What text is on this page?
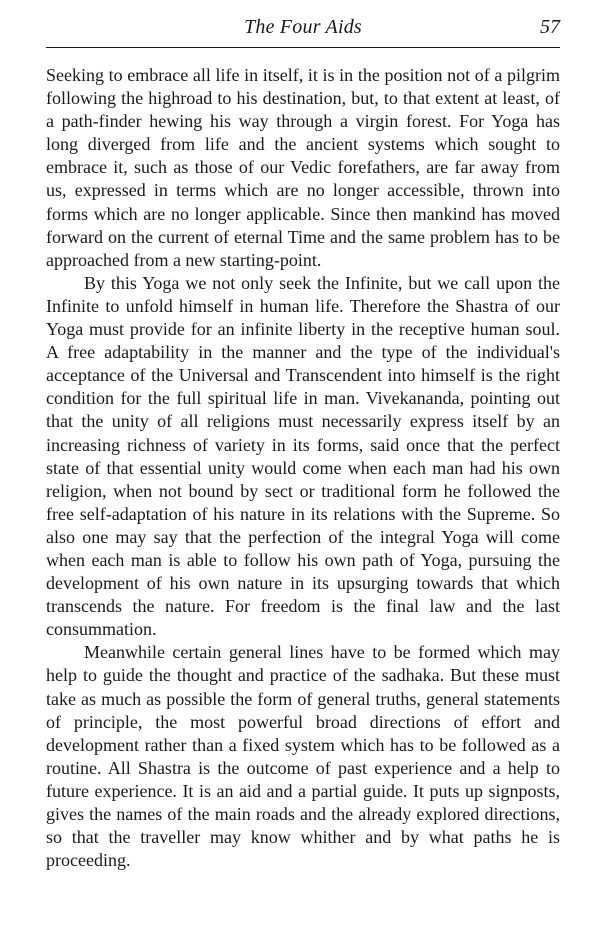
The Four Aids	57

Seeking to embrace all life in itself, it is in the position not of a pilgrim following the highroad to his destination, but, to that extent at least, of a path-finder hewing his way through a virgin forest. For Yoga has long diverged from life and the ancient systems which sought to embrace it, such as those of our Vedic forefathers, are far away from us, expressed in terms which are no longer accessible, thrown into forms which are no longer applicable. Since then mankind has moved forward on the current of eternal Time and the same problem has to be approached from a new starting-point.

By this Yoga we not only seek the Infinite, but we call upon the Infinite to unfold himself in human life. Therefore the Shastra of our Yoga must provide for an infinite liberty in the receptive human soul. A free adaptability in the manner and the type of the individual's acceptance of the Universal and Transcendent into himself is the right condition for the full spiritual life in man. Vivekananda, pointing out that the unity of all religions must necessarily express itself by an increasing richness of variety in its forms, said once that the perfect state of that essential unity would come when each man had his own religion, when not bound by sect or traditional form he followed the free self-adaptation of his nature in its relations with the Supreme. So also one may say that the perfection of the integral Yoga will come when each man is able to follow his own path of Yoga, pursuing the development of his own nature in its upsurging towards that which transcends the nature. For freedom is the final law and the last consummation.

Meanwhile certain general lines have to be formed which may help to guide the thought and practice of the sadhaka. But these must take as much as possible the form of general truths, general statements of principle, the most powerful broad directions of effort and development rather than a fixed system which has to be followed as a routine. All Shastra is the outcome of past experience and a help to future experience. It is an aid and a partial guide. It puts up signposts, gives the names of the main roads and the already explored directions, so that the traveller may know whither and by what paths he is proceeding.
